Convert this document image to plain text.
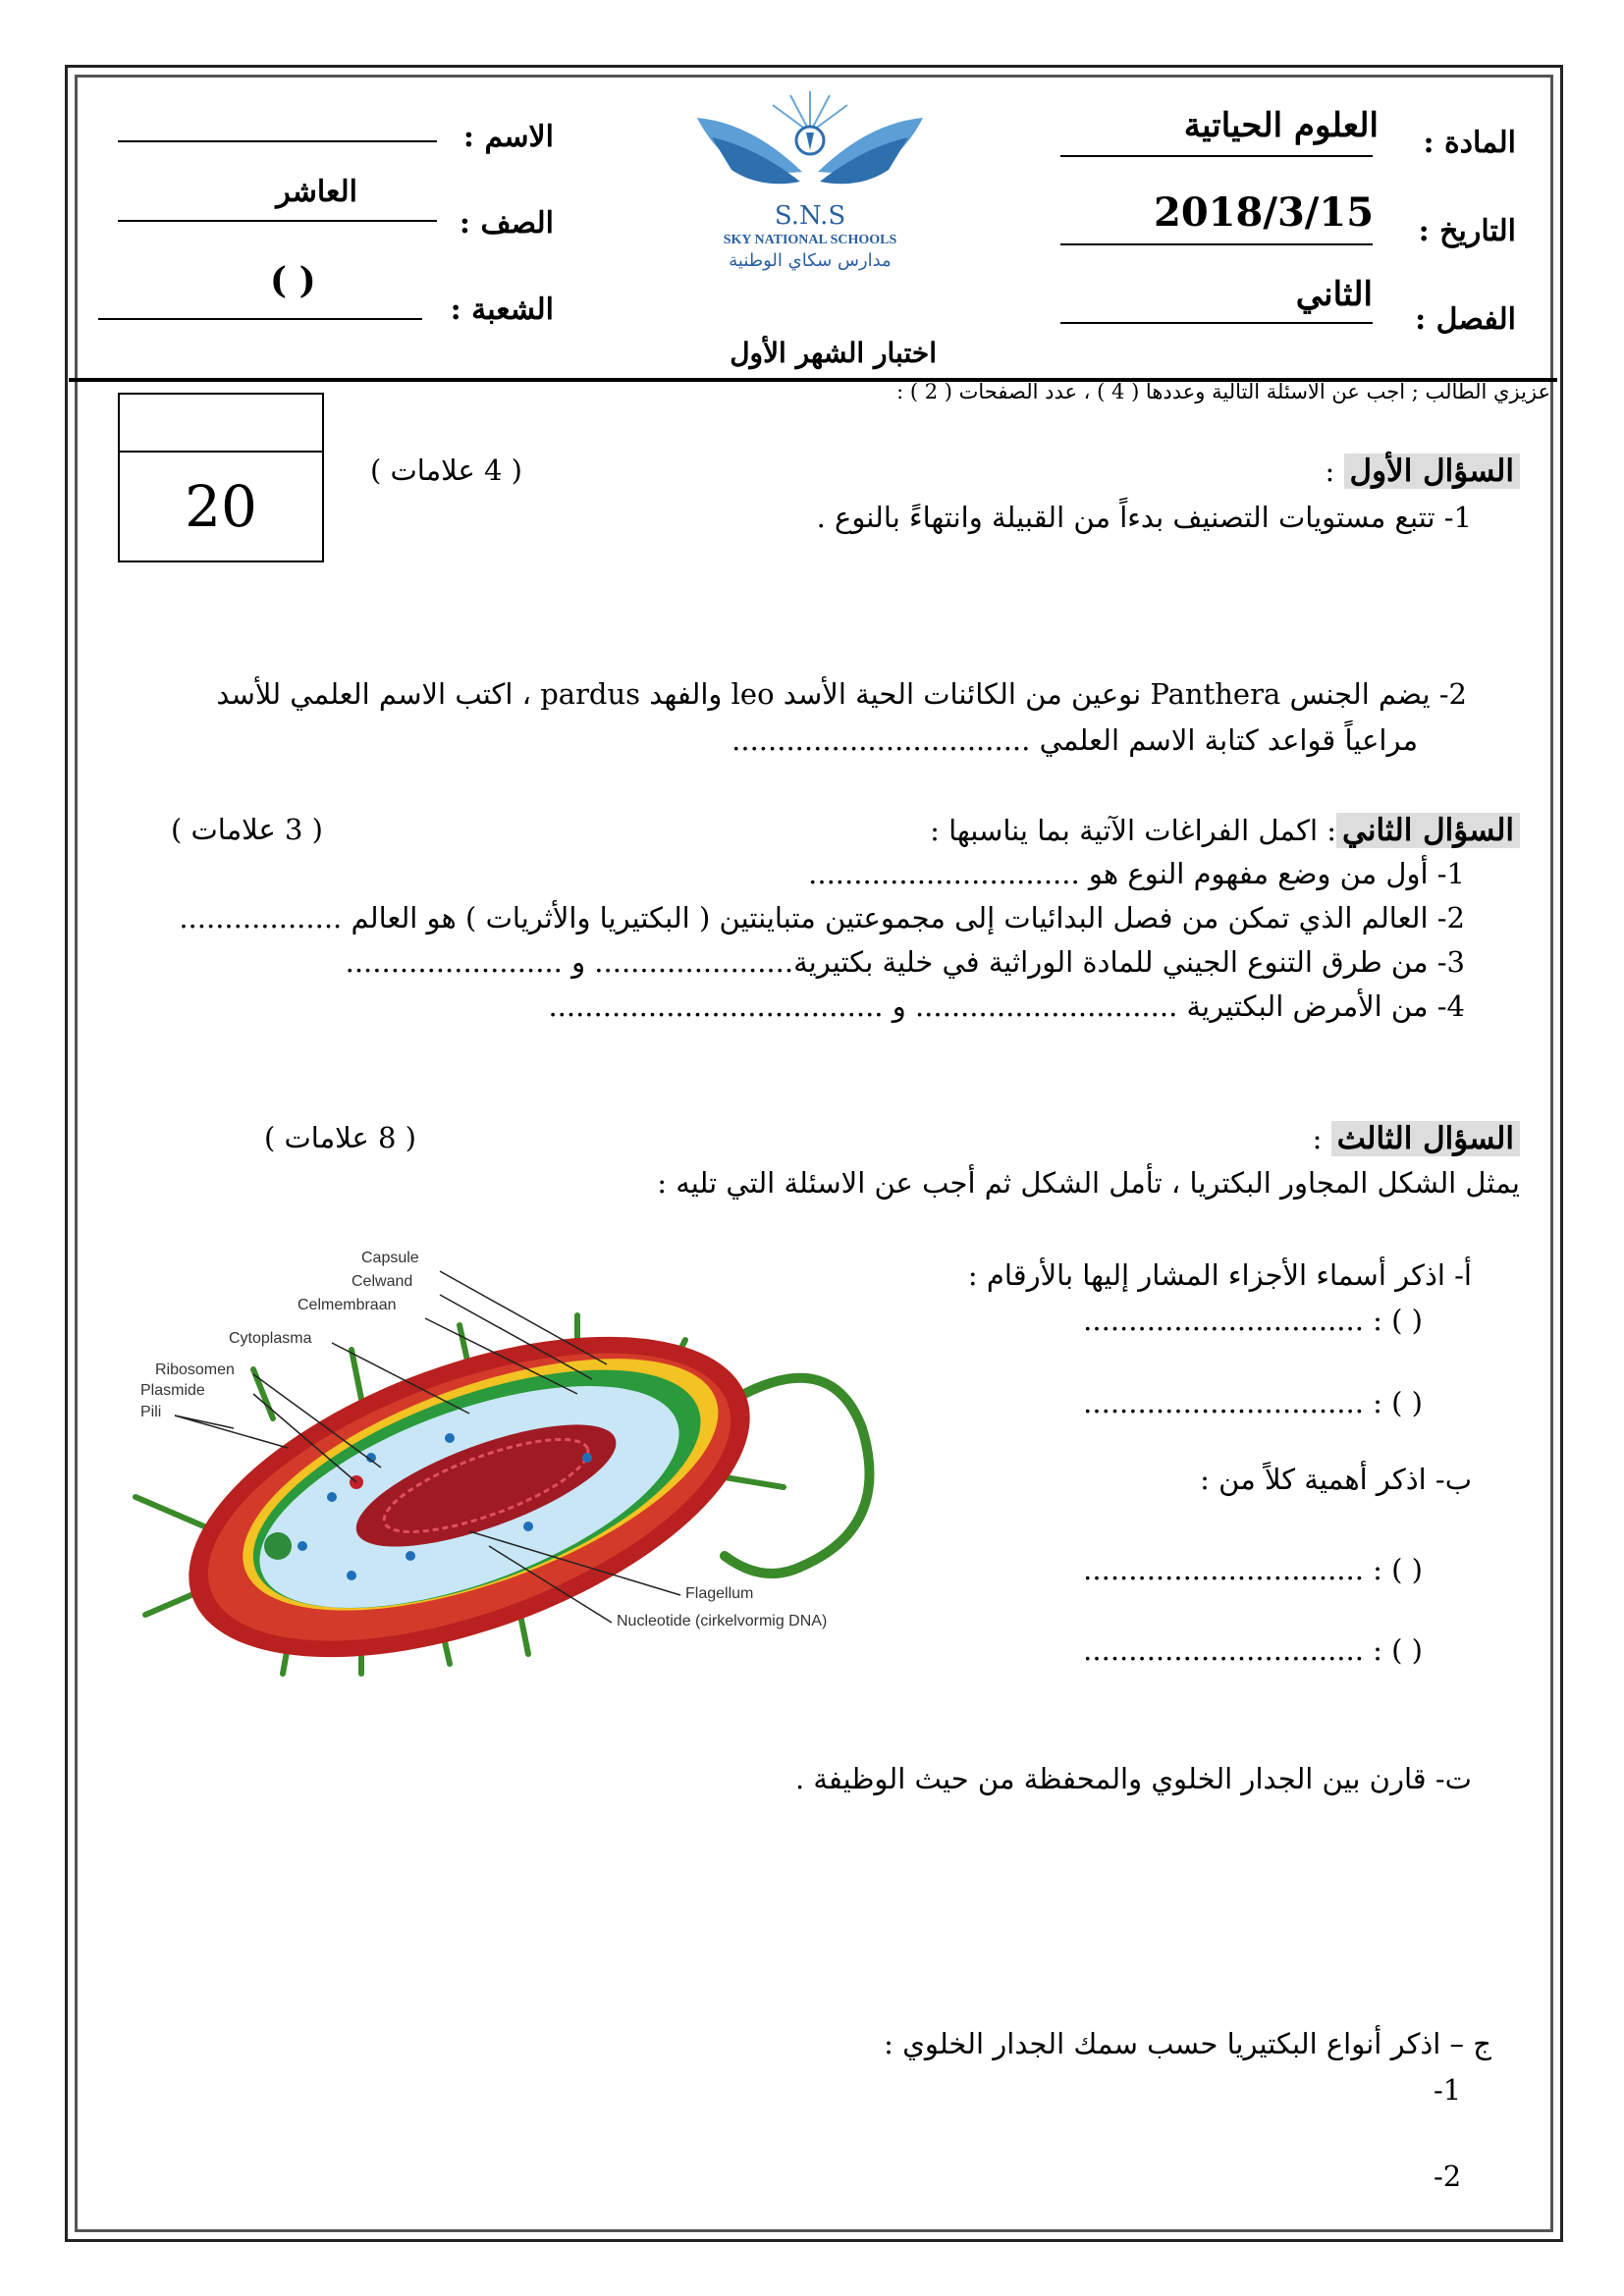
المادة :
العلوم الحياتية
التاريخ :
2018/3/15
الفصل :
الثاني
الاسم :
الصف :
العاشر
الشعبة :
( )
S.N.S
SKY NATIONAL SCHOOLS
مدارس سكاي الوطنية
اختبار الشهر الأول
عزيزي الطالب ; أجب عن الاسئلة التالية وعددها ( 4 ) ، عدد الصفحات ( 2 ) :
20
السؤال الأول :
( 4 علامات )
1- تتبع مستويات التصنيف بدءاً من القبيلة وانتهاءً بالنوع .
2- يضم الجنس Panthera نوعين من الكائنات الحية الأسد leo والفهد pardus ، اكتب الاسم العلمي للأسد
مراعياً قواعد كتابة الاسم العلمي .................................
السؤال الثاني: اكمل الفراغات الآتية بما يناسبها :
( 3 علامات )
1- أول من وضع مفهوم النوع هو ..............................
2- العالم الذي تمكن من فصل البدائيات إلى مجموعتين متباينتين ( البكتيريا والأثريات ) هو العالم ..................
3- من طرق التنوع الجيني للمادة الوراثية في خلية بكتيرية...................... و ........................
4- من الأمرض البكتيرية ............................. و .....................................
السؤال الثالث :
( 8 علامات )
يمثل الشكل المجاور البكتريا ، تأمل الشكل ثم أجب عن الاسئلة التي تليه :
أ- اذكر أسماء الأجزاء المشار إليها بالأرقام :
( ) : ...............................
( ) : ...............................
ب- اذكر أهمية كلاً من :
( ) : ...............................
( ) : ...............................
ت- قارن بين الجدار الخلوي والمحفظة من حيث الوظيفة .
ج – اذكر أنواع البكتيريا حسب سمك الجدار الخلوي :
-1
-2
Capsule
Celwand
Celmembraan
Cytoplasma
Ribosomen
Plasmide
Pili
Flagellum
Nucleotide (cirkelvormig DNA)
